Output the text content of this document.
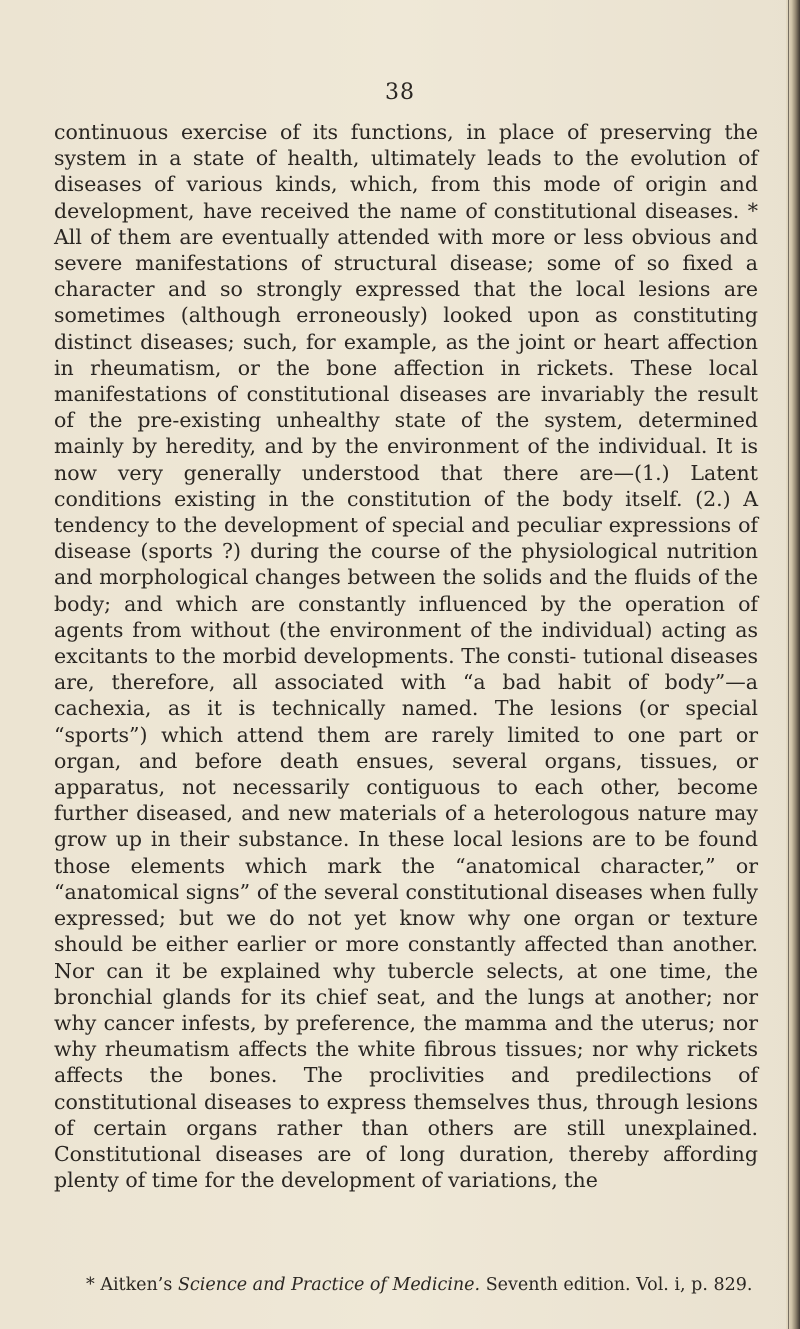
38

continuous exercise of its functions, in place of preserving the system in a state of health, ultimately leads to the evolution of diseases of various kinds, which, from this mode of origin and development, have received the name of constitutional diseases. * All of them are eventually attended with more or less obvious and severe manifestations of structural disease; some of so fixed a character and so strongly expressed that the local lesions are sometimes (although erroneously) looked upon as constituting distinct diseases; such, for example, as the joint or heart affection in rheumatism, or the bone affection in rickets. These local manifestations of constitutional diseases are invariably the result of the pre-existing unhealthy state of the system, determined mainly by heredity, and by the environment of the individual. It is now very generally understood that there are—(1.) Latent conditions existing in the constitution of the body itself. (2.) A tendency to the development of special and peculiar expressions of disease (sports ?) during the course of the physiological nutrition and morphological changes between the solids and the fluids of the body; and which are constantly influenced by the operation of agents from without (the environment of the individual) acting as excitants to the morbid developments. The consti- tutional diseases are, therefore, all associated with “a bad habit of body”—a cachexia, as it is technically named. The lesions (or special “sports”) which attend them are rarely limited to one part or organ, and before death ensues, several organs, tissues, or apparatus, not necessarily contiguous to each other, become further diseased, and new materials of a heterologous nature may grow up in their substance. In these local lesions are to be found those elements which mark the “anatomical character,” or “anatomical signs” of the several constitutional diseases when fully expressed; but we do not yet know why one organ or texture should be either earlier or more constantly affected than another. Nor can it be explained why tubercle selects, at one time, the bronchial glands for its chief seat, and the lungs at another; nor why cancer infests, by preference, the mamma and the uterus; nor why rheumatism affects the white fibrous tissues; nor why rickets affects the bones. The proclivities and predilections of constitutional diseases to express themselves thus, through lesions of certain organs rather than others are still unexplained. Constitutional diseases are of long duration, thereby affording plenty of time for the development of variations, the

* Aitken’s Science and Practice of Medicine. Seventh edition. Vol. i, p. 829.
